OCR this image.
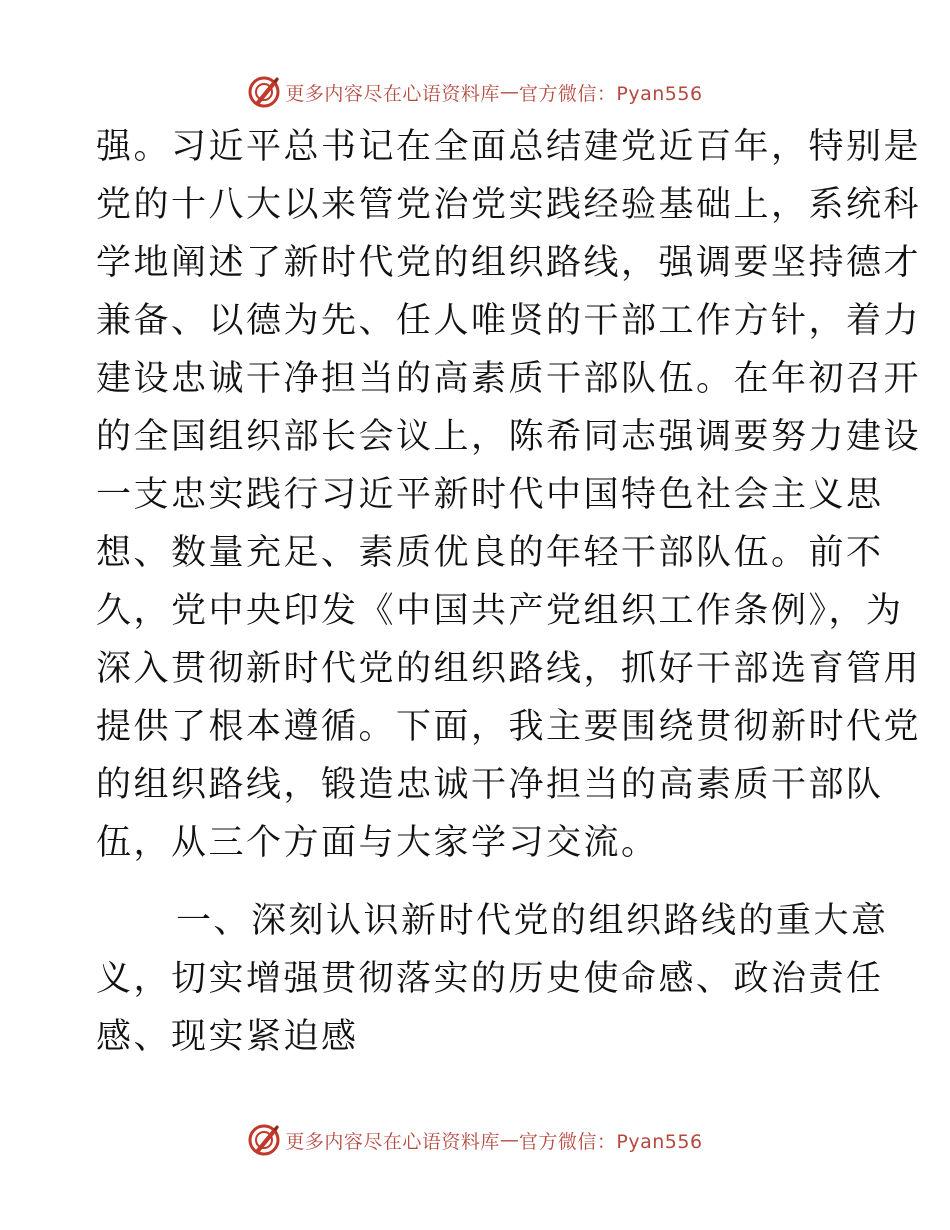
更多内容尽在心语资料库 — 官方微信：Pyan556
强。习近平总书记在全面总结建党近百年，特别是
党的十八大以来管党治党实践经验基础上，系统科
学地阐述了新时代党的组织路线，强调要坚持德才
兼备、以德为先、任人唯贤的干部工作方针，着力
建设忠诚干净担当的高素质干部队伍。在年初召开
的全国组织部长会议上，陈希同志强调要努力建设
一支忠实践行习近平新时代中国特色社会主义思
想、数量充足、素质优良的年轻干部队伍。前不
久，党中央印发《中国共产党组织工作条例》，为
深入贯彻新时代党的组织路线，抓好干部选育管用
提供了根本遵循。下面，我主要围绕贯彻新时代党
的组织路线，锻造忠诚干净担当的高素质干部队
伍，从三个方面与大家学习交流。
一、深刻认识新时代党的组织路线的重大意
义，切实增强贯彻落实的历史使命感、政治责任
感、现实紧迫感
更多内容尽在心语资料库 — 官方微信：Pyan556
